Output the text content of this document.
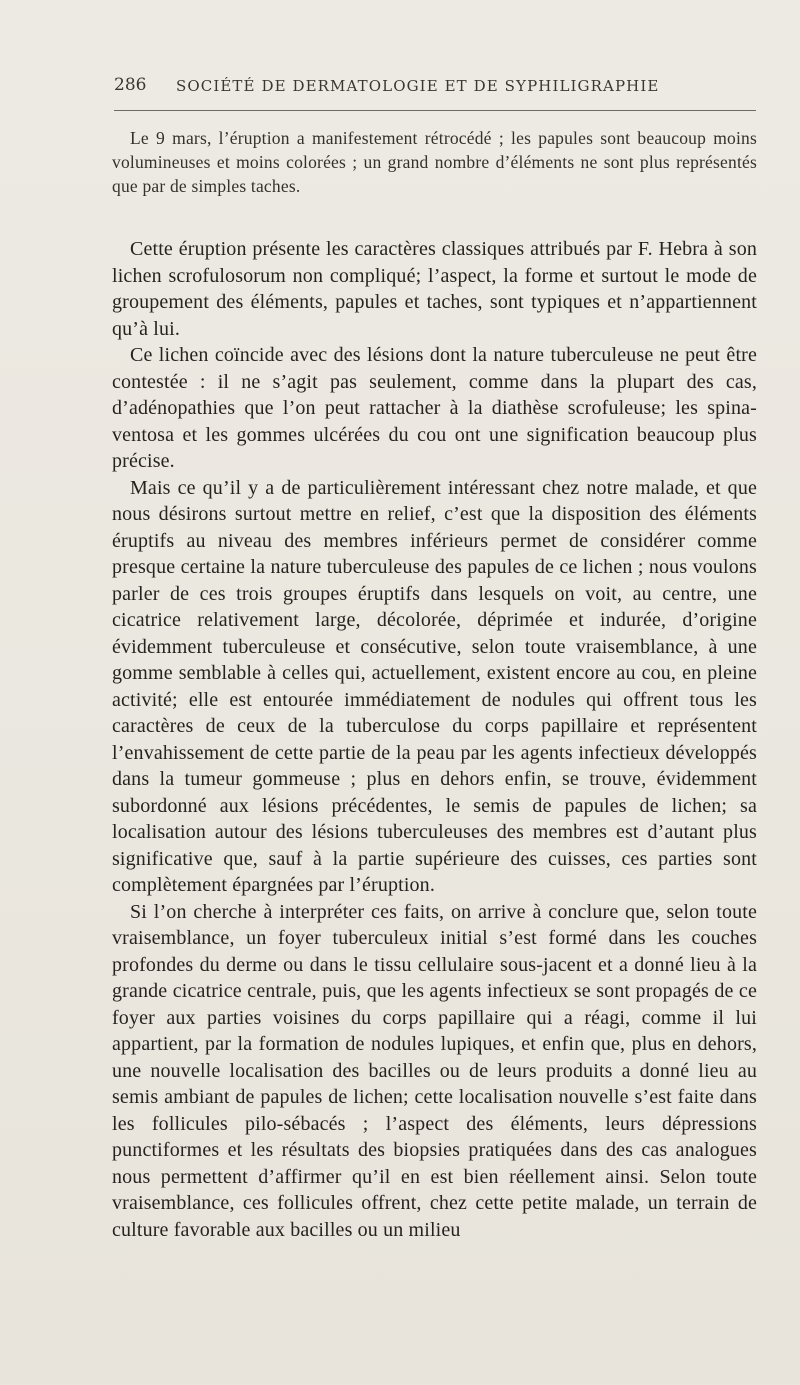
286 SOCIÉTÉ DE DERMATOLOGIE ET DE SYPHILIGRAPHIE

Le 9 mars, l’éruption a manifestement rétrocédé ; les papules sont beaucoup moins volumineuses et moins colorées ; un grand nombre d’éléments ne sont plus représentés que par de simples taches.

Cette éruption présente les caractères classiques attribués par F. Hebra à son lichen scrofulosorum non compliqué; l’aspect, la forme et surtout le mode de groupement des éléments, papules et taches, sont typiques et n’appartiennent qu’à lui.

Ce lichen coïncide avec des lésions dont la nature tuberculeuse ne peut être contestée : il ne s’agit pas seulement, comme dans la plupart des cas, d’adénopathies que l’on peut rattacher à la diathèse scrofuleuse; les spina-ventosa et les gommes ulcérées du cou ont une signification beaucoup plus précise.

Mais ce qu’il y a de particulièrement intéressant chez notre malade, et que nous désirons surtout mettre en relief, c’est que la disposition des éléments éruptifs au niveau des membres inférieurs permet de considérer comme presque certaine la nature tuberculeuse des papules de ce lichen ; nous voulons parler de ces trois groupes éruptifs dans lesquels on voit, au centre, une cicatrice relativement large, décolorée, déprimée et indurée, d’origine évidemment tuberculeuse et consécutive, selon toute vraisemblance, à une gomme semblable à celles qui, actuellement, existent encore au cou, en pleine activité; elle est entourée immédiatement de nodules qui offrent tous les caractères de ceux de la tuberculose du corps papillaire et représentent l’envahissement de cette partie de la peau par les agents infectieux développés dans la tumeur gommeuse ; plus en dehors enfin, se trouve, évidemment subordonné aux lésions précédentes, le semis de papules de lichen; sa localisation autour des lésions tuberculeuses des membres est d’autant plus significative que, sauf à la partie supérieure des cuisses, ces parties sont complètement épargnées par l’éruption.

Si l’on cherche à interpréter ces faits, on arrive à conclure que, selon toute vraisemblance, un foyer tuberculeux initial s’est formé dans les couches profondes du derme ou dans le tissu cellulaire sous-jacent et a donné lieu à la grande cicatrice centrale, puis, que les agents infectieux se sont propagés de ce foyer aux parties voisines du corps papillaire qui a réagi, comme il lui appartient, par la formation de nodules lupiques, et enfin que, plus en dehors, une nouvelle localisation des bacilles ou de leurs produits a donné lieu au semis ambiant de papules de lichen; cette localisation nouvelle s’est faite dans les follicules pilo-sébacés ; l’aspect des éléments, leurs dépressions punctiformes et les résultats des biopsies pratiquées dans des cas analogues nous permettent d’affirmer qu’il en est bien réellement ainsi. Selon toute vraisemblance, ces follicules offrent, chez cette petite malade, un terrain de culture favorable aux bacilles ou un milieu
